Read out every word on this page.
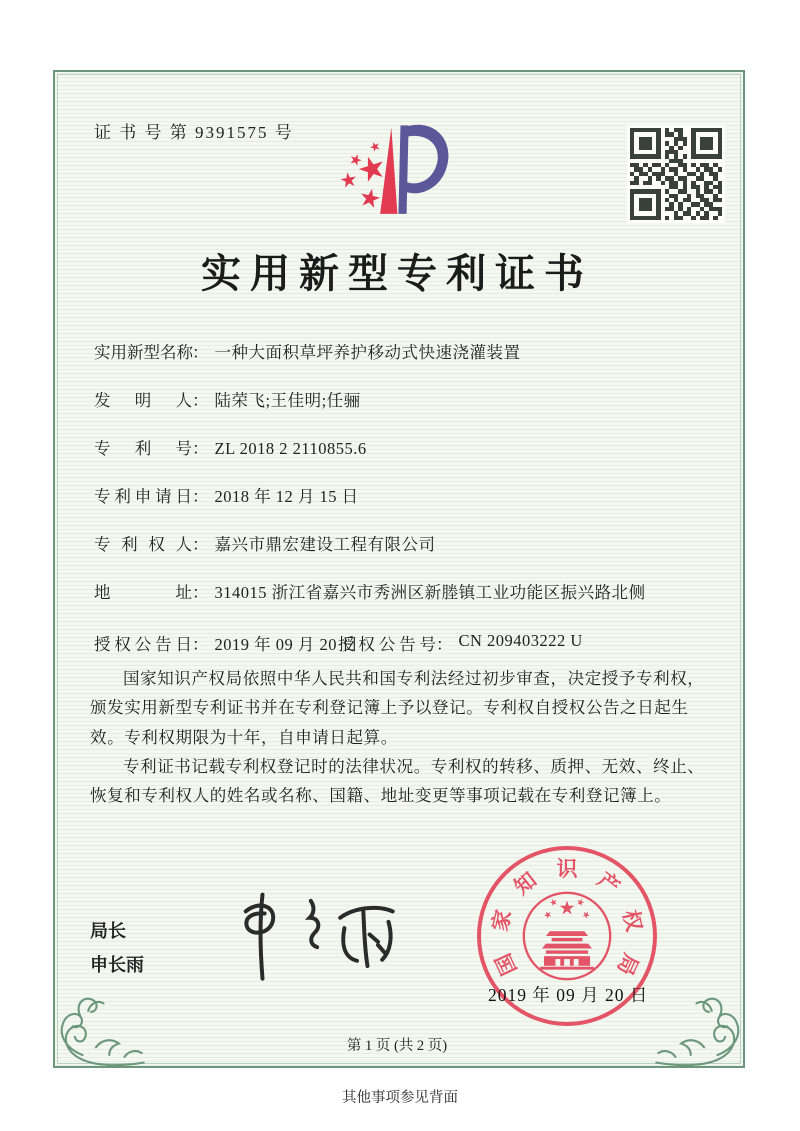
证 书 号 第 9391575 号
实用新型专利证书
实用新型名称： 一种大面积草坪养护移动式快速浇灌装置
发明人： 陆荣飞;王佳明;任骊
专利号： ZL 2018 2 2110855.6
专利申请日： 2018 年 12 月 15 日
专利权人： 嘉兴市鼎宏建设工程有限公司
地址： 314015 浙江省嘉兴市秀洲区新塍镇工业功能区振兴路北侧
授权公告日： 2019 年 09 月 20 日
授权公告号： CN 209403222 U

国家知识产权局依照中华人民共和国专利法经过初步审查，决定授予专利权，颁发实用新型专利证书并在专利登记簿上予以登记。专利权自授权公告之日起生效。专利权期限为十年，自申请日起算。

专利证书记载专利权登记时的法律状况。专利权的转移、质押、无效、终止、恢复和专利权人的姓名或名称、国籍、地址变更等事项记载在专利登记簿上。

局长
申长雨	国
家
知 识 产
权
局
2019 年 09 月 20 日
第 1 页 (共 2 页)
其他事项参见背面
